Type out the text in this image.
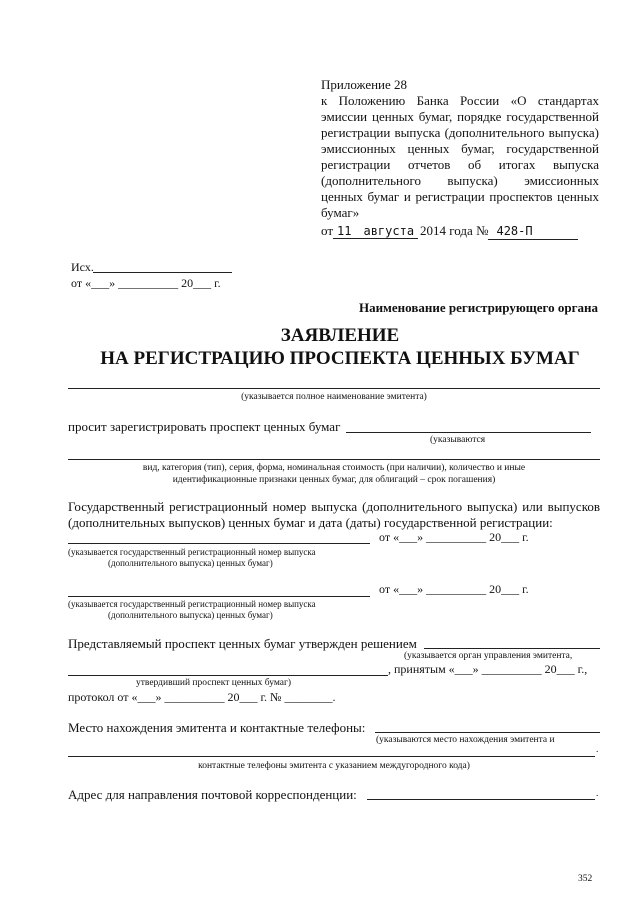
Приложение 28
к Положению Банка России «О стандартах
эмиссии ценных бумаг, порядке государственной
регистрации выпуска (дополнительного выпуска)
эмиссионных ценных бумаг, государственной
регистрации отчетов об итогах выпуска
(дополнительного выпуска) эмиссионных
ценных бумаг и регистрации проспектов ценных
бумаг»
от 11 августа 2014 года № 428-П
Исх.
от «___» __________ 20___ г.
Наименование регистрирующего органа
ЗАЯВЛЕНИЕ
НА РЕГИСТРАЦИЮ ПРОСПЕКТА ЦЕННЫХ БУМАГ
(указывается полное наименование эмитента)
просит зарегистрировать проспект ценных бумаг
(указываются
вид, категория (тип), серия, форма, номинальная стоимость (при наличии), количество и иные
идентификационные признаки ценных бумаг, для облигаций – срок погашения)
Государственный регистрационный номер выпуска (дополнительного выпуска) или выпусков
(дополнительных выпусков) ценных бумаг и дата (даты) государственной регистрации:
от «___» __________ 20___ г.
(указывается государственный регистрационный номер выпуска
(дополнительного выпуска) ценных бумаг)
от «___» __________ 20___ г.
(указывается государственный регистрационный номер выпуска
(дополнительного выпуска) ценных бумаг)
Представляемый проспект ценных бумаг утвержден решением
(указывается орган управления эмитента,
, принятым «___» __________ 20___ г.,
утвердивший проспект ценных бумаг)
протокол от «___» __________ 20___ г. № ________.
Место нахождения эмитента и контактные телефоны:
(указываются место нахождения эмитента и
.
контактные телефоны эмитента с указанием междугородного кода)
Адрес для направления почтовой корреспонденции:	.
352
